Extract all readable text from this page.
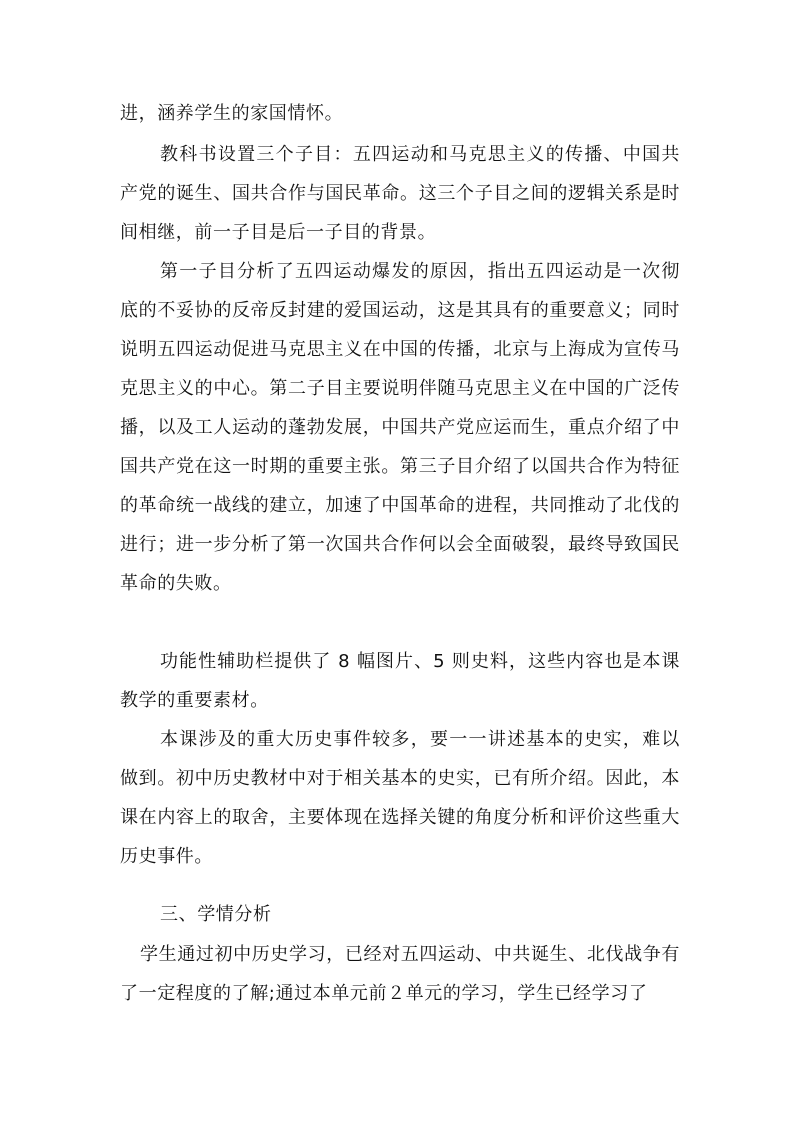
进，涵养学生的家国情怀。

教科书设置三个子目：五四运动和马克思主义的传播、中国共产党的诞生、国共合作与国民革命。这三个子目之间的逻辑关系是时间相继，前一子目是后一子目的背景。

第一子目分析了五四运动爆发的原因，指出五四运动是一次彻底的不妥协的反帝反封建的爱国运动，这是其具有的重要意义；同时说明五四运动促进马克思主义在中国的传播，北京与上海成为宣传马克思主义的中心。第二子目主要说明伴随马克思主义在中国的广泛传播，以及工人运动的蓬勃发展，中国共产党应运而生，重点介绍了中国共产党在这一时期的重要主张。第三子目介绍了以国共合作为特征的革命统一战线的建立，加速了中国革命的进程，共同推动了北伐的进行；进一步分析了第一次国共合作何以会全面破裂，最终导致国民革命的失败。

功能性辅助栏提供了 8 幅图片、5 则史料，这些内容也是本课教学的重要素材。

本课涉及的重大历史事件较多，要一一讲述基本的史实，难以做到。初中历史教材中对于相关基本的史实，已有所介绍。因此，本课在内容上的取舍，主要体现在选择关键的角度分析和评价这些重大历史事件。

三、学情分析

学生通过初中历史学习，已经对五四运动、中共诞生、北伐战争有了一定程度的了解;通过本单元前２单元的学习，学生已经学习了
